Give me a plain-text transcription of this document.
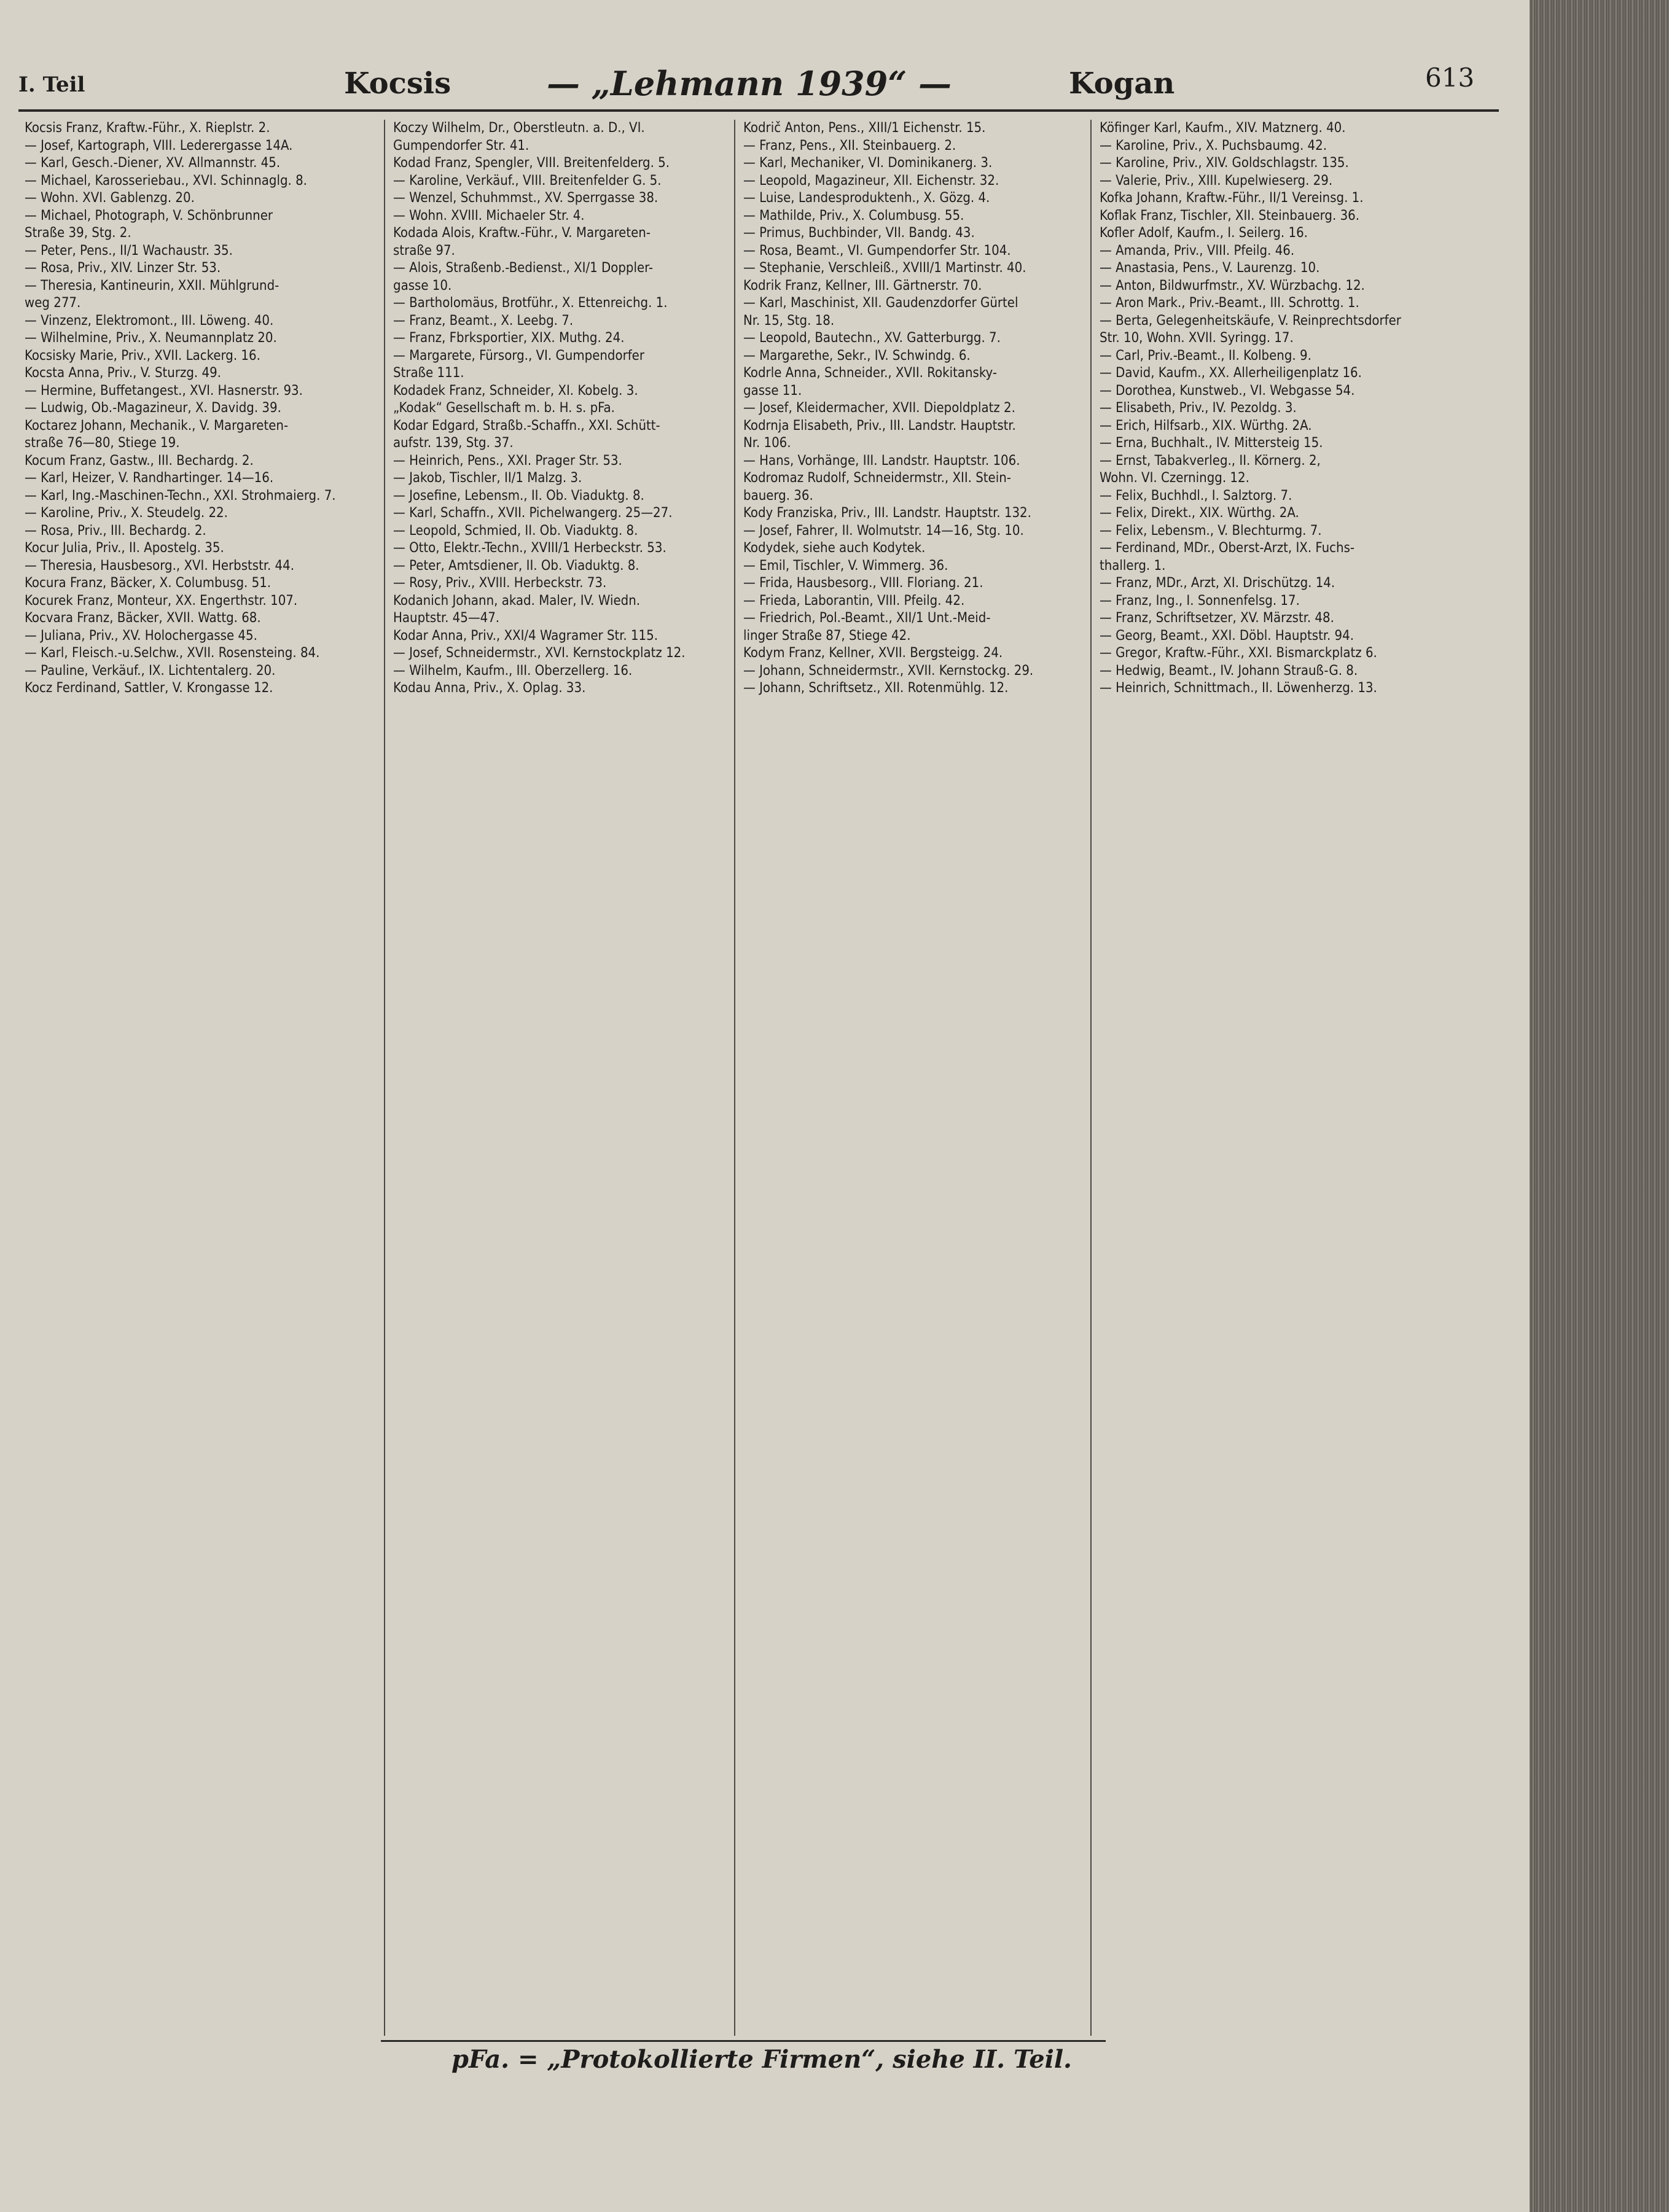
I. Teil	Kocsis	— „Lehmann 1939“ —	Kogan	613
Kocsis Franz, Kraftw.-Führ., X. Rieplstr. 2.
— Josef, Kartograph, VIII. Lederergasse 14A.
— Karl, Gesch.-Diener, XV. Allmannstr. 45.
— Michael, Karosseriebau., XVI. Schinnaglg. 8.
— Wohn. XVI. Gablenzg. 20.
— Michael, Photograph, V. Schönbrunner
Straße 39, Stg. 2.
— Peter, Pens., II/1 Wachaustr. 35.
— Rosa, Priv., XIV. Linzer Str. 53.
— Theresia, Kantineurin, XXII. Mühlgrund-
weg 277.
— Vinzenz, Elektromont., III. Löweng. 40.
— Wilhelmine, Priv., X. Neumannplatz 20.
Kocsisky Marie, Priv., XVII. Lackerg. 16.
Kocsta Anna, Priv., V. Sturzg. 49.
— Hermine, Buffetangest., XVI. Hasnerstr. 93.
— Ludwig, Ob.-Magazineur, X. Davidg. 39.
Koctarez Johann, Mechanik., V. Margareten-
straße 76—80, Stiege 19.
Kocum Franz, Gastw., III. Bechardg. 2.
— Karl, Heizer, V. Randhartinger. 14—16.
— Karl, Ing.-Maschinen-Techn., XXI. Strohmaierg. 7.
— Karoline, Priv., X. Steudelg. 22.
— Rosa, Priv., III. Bechardg. 2.
Kocur Julia, Priv., II. Apostelg. 35.
— Theresia, Hausbesorg., XVI. Herbststr. 44.
Kocura Franz, Bäcker, X. Columbusg. 51.
Kocurek Franz, Monteur, XX. Engerthstr. 107.
Kocvara Franz, Bäcker, XVII. Wattg. 68.
— Juliana, Priv., XV. Holochergasse 45.
— Karl, Fleisch.-u.Selchw., XVII. Rosensteing. 84.
— Pauline, Verkäuf., IX. Lichtentalerg. 20.
Kocz Ferdinand, Sattler, V. Krongasse 12.
Koczy Wilhelm, Dr., Oberstleutn. a. D., VI.
Gumpendorfer Str. 41.
Kodad Franz, Spengler, VIII. Breitenfelderg. 5.
— Karoline, Verkäuf., VIII. Breitenfelder G. 5.
— Wenzel, Schuhmmst., XV. Sperrgasse 38.
— Wohn. XVIII. Michaeler Str. 4.
Kodada Alois, Kraftw.-Führ., V. Margareten-
straße 97.
— Alois, Straßenb.-Bedienst., XI/1 Doppler-
gasse 10.
— Bartholomäus, Brotführ., X. Ettenreichg. 1.
— Franz, Beamt., X. Leebg. 7.
— Franz, Fbrksportier, XIX. Muthg. 24.
— Margarete, Fürsorg., VI. Gumpendorfer
Straße 111.
Kodadek Franz, Schneider, XI. Kobelg. 3.
„Kodak“ Gesellschaft m. b. H. s. pFa.
Kodar Edgard, Straßb.-Schaffn., XXI. Schütt-
aufstr. 139, Stg. 37.
— Heinrich, Pens., XXI. Prager Str. 53.
— Jakob, Tischler, II/1 Malzg. 3.
— Josefine, Lebensm., II. Ob. Viaduktg. 8.
— Karl, Schaffn., XVII. Pichelwangerg. 25—27.
— Leopold, Schmied, II. Ob. Viaduktg. 8.
— Otto, Elektr.-Techn., XVIII/1 Herbeckstr. 53.
— Peter, Amtsdiener, II. Ob. Viaduktg. 8.
— Rosy, Priv., XVIII. Herbeckstr. 73.
Kodanich Johann, akad. Maler, IV. Wiedn.
Hauptstr. 45—47.
Kodar Anna, Priv., XXI/4 Wagramer Str. 115.
— Josef, Schneidermstr., XVI. Kernstockplatz 12.
— Wilhelm, Kaufm., III. Oberzellerg. 16.
Kodau Anna, Priv., X. Oplag. 33.
Kodrič Anton, Pens., XIII/1 Eichenstr. 15.
— Franz, Pens., XII. Steinbauerg. 2.
— Karl, Mechaniker, VI. Dominikanerg. 3.
— Leopold, Magazineur, XII. Eichenstr. 32.
— Luise, Landesproduktenh., X. Gözg. 4.
— Mathilde, Priv., X. Columbusg. 55.
— Primus, Buchbinder, VII. Bandg. 43.
— Rosa, Beamt., VI. Gumpendorfer Str. 104.
— Stephanie, Verschleiß., XVIII/1 Martinstr. 40.
Kodrik Franz, Kellner, III. Gärtnerstr. 70.
— Karl, Maschinist, XII. Gaudenzdorfer Gürtel
Nr. 15, Stg. 18.
— Leopold, Bautechn., XV. Gatterburgg. 7.
— Margarethe, Sekr., IV. Schwindg. 6.
Kodrle Anna, Schneider., XVII. Rokitansky-
gasse 11.
— Josef, Kleidermacher, XVII. Diepoldplatz 2.
Kodrnja Elisabeth, Priv., III. Landstr. Hauptstr.
Nr. 106.
— Hans, Vorhänge, III. Landstr. Hauptstr. 106.
Kodromaz Rudolf, Schneidermstr., XII. Stein-
bauerg. 36.
Kody Franziska, Priv., III. Landstr. Hauptstr. 132.
— Josef, Fahrer, II. Wolmutstr. 14—16, Stg. 10.
Kodydek, siehe auch Kodytek.
— Emil, Tischler, V. Wimmerg. 36.
— Frida, Hausbesorg., VIII. Floriang. 21.
— Frieda, Laborantin, VIII. Pfeilg. 42.
— Friedrich, Pol.-Beamt., XII/1 Unt.-Meid-
linger Straße 87, Stiege 42.
Kodym Franz, Kellner, XVII. Bergsteigg. 24.
— Johann, Schneidermstr., XVII. Kernstockg. 29.
— Johann, Schriftsetz., XII. Rotenmühlg. 12.
Köfinger Karl, Kaufm., XIV. Matznerg. 40.
— Karoline, Priv., X. Puchsbaumg. 42.
— Karoline, Priv., XIV. Goldschlagstr. 135.
— Valerie, Priv., XIII. Kupelwieserg. 29.
Kofka Johann, Kraftw.-Führ., II/1 Vereinsg. 1.
Koflak Franz, Tischler, XII. Steinbauerg. 36.
Kofler Adolf, Kaufm., I. Seilerg. 16.
— Amanda, Priv., VIII. Pfeilg. 46.
— Anastasia, Pens., V. Laurenzg. 10.
— Anton, Bildwurfmstr., XV. Würzbachg. 12.
— Aron Mark., Priv.-Beamt., III. Schrottg. 1.
— Berta, Gelegenheitskäufe, V. Reinprechtsdorfer
Str. 10, Wohn. XVII. Syringg. 17.
— Carl, Priv.-Beamt., II. Kolbeng. 9.
— David, Kaufm., XX. Allerheiligenplatz 16.
— Dorothea, Kunstweb., VI. Webgasse 54.
— Elisabeth, Priv., IV. Pezoldg. 3.
— Erich, Hilfsarb., XIX. Würthg. 2A.
— Erna, Buchhalt., IV. Mittersteig 15.
— Ernst, Tabakverleg., II. Körnerg. 2,
Wohn. VI. Czerningg. 12.
— Felix, Buchhdl., I. Salztorg. 7.
— Felix, Direkt., XIX. Würthg. 2A.
— Felix, Lebensm., V. Blechturmg. 7.
— Ferdinand, MDr., Oberst-Arzt, IX. Fuchs-
thallerg. 1.
— Franz, MDr., Arzt, XI. Drischützg. 14.
— Franz, Ing., I. Sonnenfelsg. 17.
— Franz, Schriftsetzer, XV. Märzstr. 48.
— Georg, Beamt., XXI. Döbl. Hauptstr. 94.
— Gregor, Kraftw.-Führ., XXI. Bismarckplatz 6.
— Hedwig, Beamt., IV. Johann Strauß-G. 8.
— Heinrich, Schnittmach., II. Löwenherzg. 13.
pFa. = „Protokollierte Firmen“, siehe II. Teil.
